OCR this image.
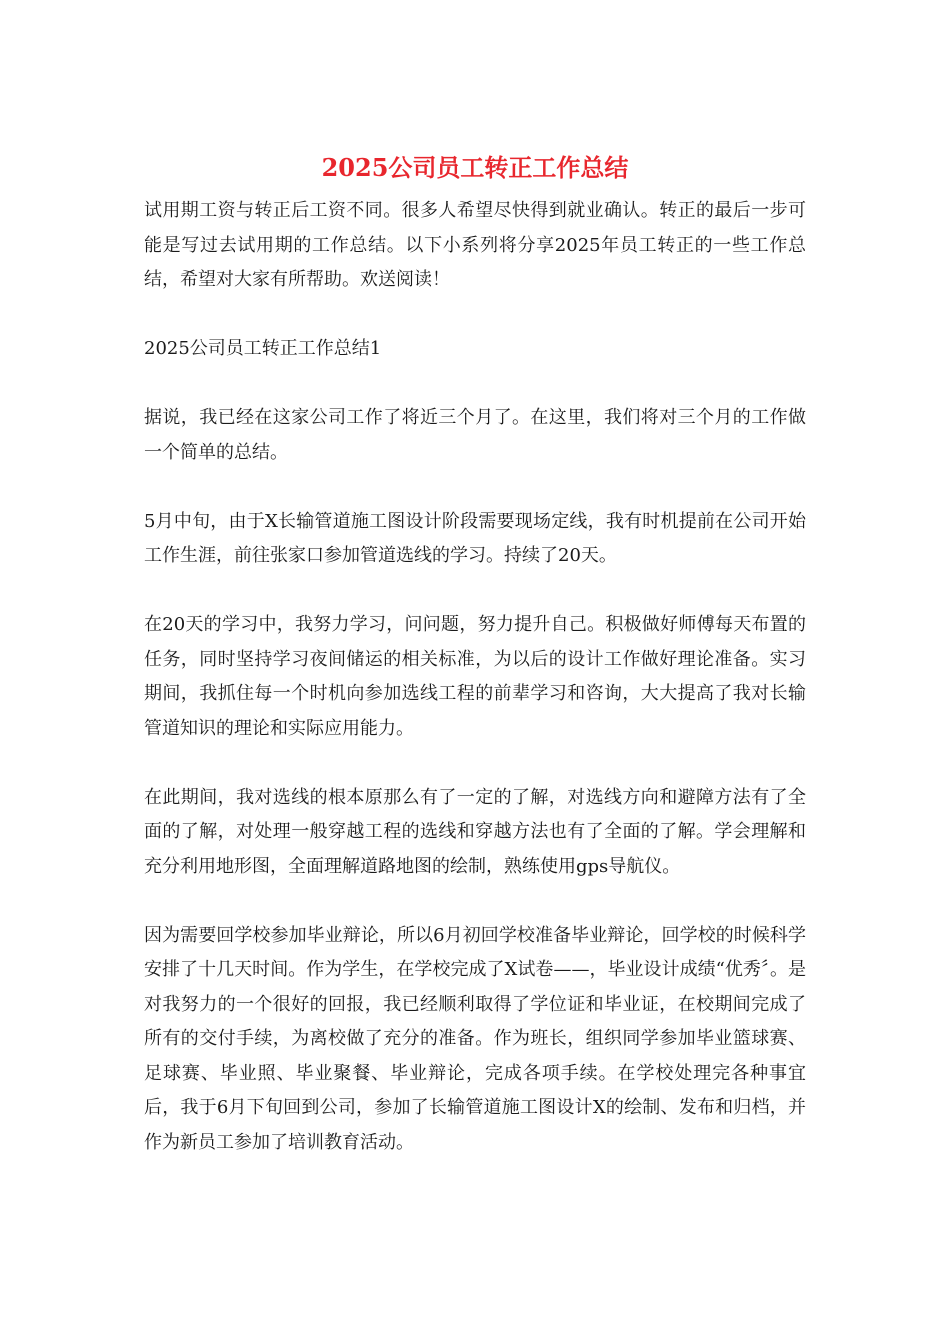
2025公司员工转正工作总结

试用期工资与转正后工资不同。很多人希望尽快得到就业确认。转正的最后一步可能是写过去试用期的工作总结。以下小系列将分享2025年员工转正的一些工作总结，希望对大家有所帮助。欢送阅读！

2025公司员工转正工作总结1

据说，我已经在这家公司工作了将近三个月了。在这里，我们将对三个月的工作做一个简单的总结。

5月中旬，由于X长输管道施工图设计阶段需要现场定线，我有时机提前在公司开始工作生涯，前往张家口参加管道选线的学习。持续了20天。

在20天的学习中，我努力学习，问问题，努力提升自己。积极做好师傅每天布置的任务，同时坚持学习夜间储运的相关标准，为以后的设计工作做好理论准备。实习期间，我抓住每一个时机向参加选线工程的前辈学习和咨询，大大提高了我对长输管道知识的理论和实际应用能力。

在此期间，我对选线的根本原那么有了一定的了解，对选线方向和避障方法有了全面的了解，对处理一般穿越工程的选线和穿越方法也有了全面的了解。学会理解和充分利用地形图，全面理解道路地图的绘制，熟练使用gps导航仪。

因为需要回学校参加毕业辩论，所以6月初回学校准备毕业辩论，回学校的时候科学安排了十几天时间。作为学生，在学校完成了X试卷——，毕业设计成绩“优秀〞。是对我努力的一个很好的回报，我已经顺利取得了学位证和毕业证，在校期间完成了所有的交付手续，为离校做了充分的准备。作为班长，组织同学参加毕业篮球赛、足球赛、毕业照、毕业聚餐、毕业辩论，完成各项手续。在学校处理完各种事宜后，我于6月下旬回到公司，参加了长输管道施工图设计X的绘制、发布和归档，并作为新员工参加了培训教育活动。
